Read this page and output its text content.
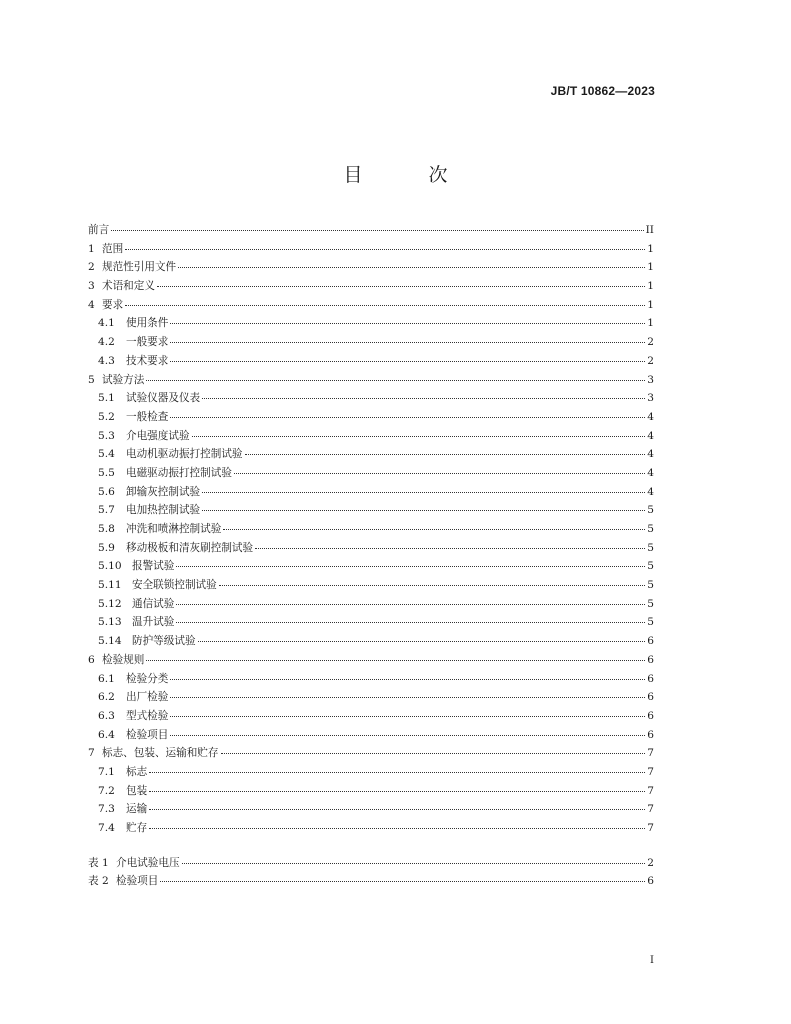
JB/T 10862—2023
目 次
前言	II
1 范围	1
2 规范性引用文件	1
3 术语和定义	1
4 要求	1
4.1	使用条件	1
4.2	一般要求	2
4.3	技术要求	2
5 试验方法	3
5.1	试验仪器及仪表	3
5.2	一般检查	4
5.3	介电强度试验	4
5.4	电动机驱动振打控制试验	4
5.5	电磁驱动振打控制试验	4
5.6	卸输灰控制试验	4
5.7	电加热控制试验	5
5.8	冲洗和喷淋控制试验	5
5.9	移动极板和清灰刷控制试验	5
5.10 报警试验	5
5.11 安全联锁控制试验	5
5.12 通信试验	5
5.13 温升试验	5
5.14 防护等级试验	6
6 检验规则	6
6.1	检验分类	6
6.2	出厂检验	6
6.3	型式检验	6
6.4	检验项目	6
7 标志、包装、运输和贮存	7
7.1	标志	7
7.2	包装	7
7.3	运输	7
7.4	贮存	7
表 1 介电试验电压	2
表 2 检验项目	6
I
